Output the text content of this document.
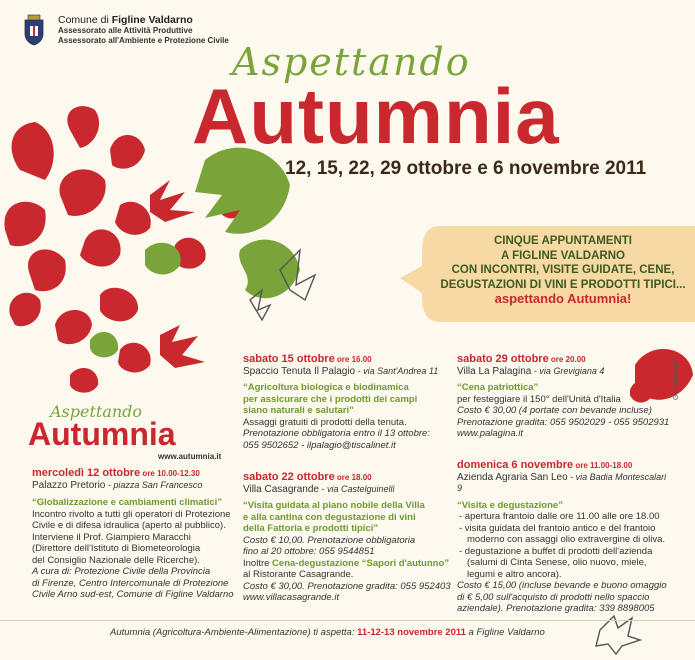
Comune di Figline Valdarno
Assessorato alle Attività Produttive
Assessorato all'Ambiente e Protezione Civile Aspettando
Autumnia
12, 15, 22, 29 ottobre e 6 novembre 2011
CINQUE APPUNTAMENTI
A FIGLINE VALDARNO
CON INCONTRI, VISITE GUIDATE, CENE,
DEGUSTAZIONI DI VINI E PRODOTTI TIPICI...
aspettando Autumnia!
Aspettando
Autumnia
www.autumnia.it
mercoledì 12 ottobre ore 10.00-12.30
Palazzo Pretorio - piazza San Francesco
“Globalizzazione e cambiamenti climatici”
Incontro rivolto a tutti gli operatori di Protezione
Civile e di difesa idraulica (aperto al pubblico).
Interviene il Prof. Giampiero Maracchi
(Direttore dell'Istituto di Biometeorologia
del Consiglio Nazionale delle Ricerche).
A cura di: Protezione Civile della Provincia
di Firenze, Centro Intercomunale di Protezione
Civile Arno sud-est, Comune di Figline Valdarno
sabato 15 ottobre ore 16.00
Spaccio Tenuta Il Palagio - via Sant'Andrea 11
“Agricoltura biologica e biodinamica
per assicurare che i prodotti dei campi
siano naturali e salutari”
Assaggi gratuiti di prodotti della tenuta.
Prenotazione obbligatoria entro il 13 ottobre:
055 9502652 - ilpalagio@tiscalinet.it
sabato 22 ottobre ore 18.00
Villa Casagrande - via Castelguinelli
“Visita guidata al piano nobile della Villa
e alla cantina con degustazione di vini
della Fattoria e prodotti tipici”
Costo € 10,00. Prenotazione obbligatoria
fino al 20 ottobre: 055 9544851
Inoltre Cena-degustazione “Sapori d'autunno”
al Ristorante Casagrande.
Costo € 30,00. Prenotazione gradita: 055 952403
www.villacasagrande.it
sabato 29 ottobre ore 20.00
Villa La Palagina - via Grevigiana 4
“Cena patriottica”
per festeggiare il 150° dell'Unità d'Italia
Costo € 30,00 (4 portate con bevande incluse)
Prenotazione gradita: 055 9502029 - 055 9502931
www.palagina.it
domenica 6 novembre ore 11.00-18.00
Azienda Agraria San Leo - via Badia Montescalari 9
“Visita e degustazione”
- apertura frantoio dalle ore 11.00 alle ore 18.00
- visita guidata del frantoio antico e del frantoio moderno con assaggi olio extravergine di oliva.
- degustazione a buffet di prodotti dell'azienda (salumi di Cinta Senese, olio nuovo, miele, legumi e altro ancora).
Costo € 15,00 (incluse bevande e buono omaggio
di € 5,00 sull'acquisto di prodotti nello spaccio
aziendale). Prenotazione gradita: 339 8898005
Gonsamo.net
Autumnia (Agricoltura-Ambiente-Alimentazione) ti aspetta: 11-12-13 novembre 2011 a Figline Valdarno
